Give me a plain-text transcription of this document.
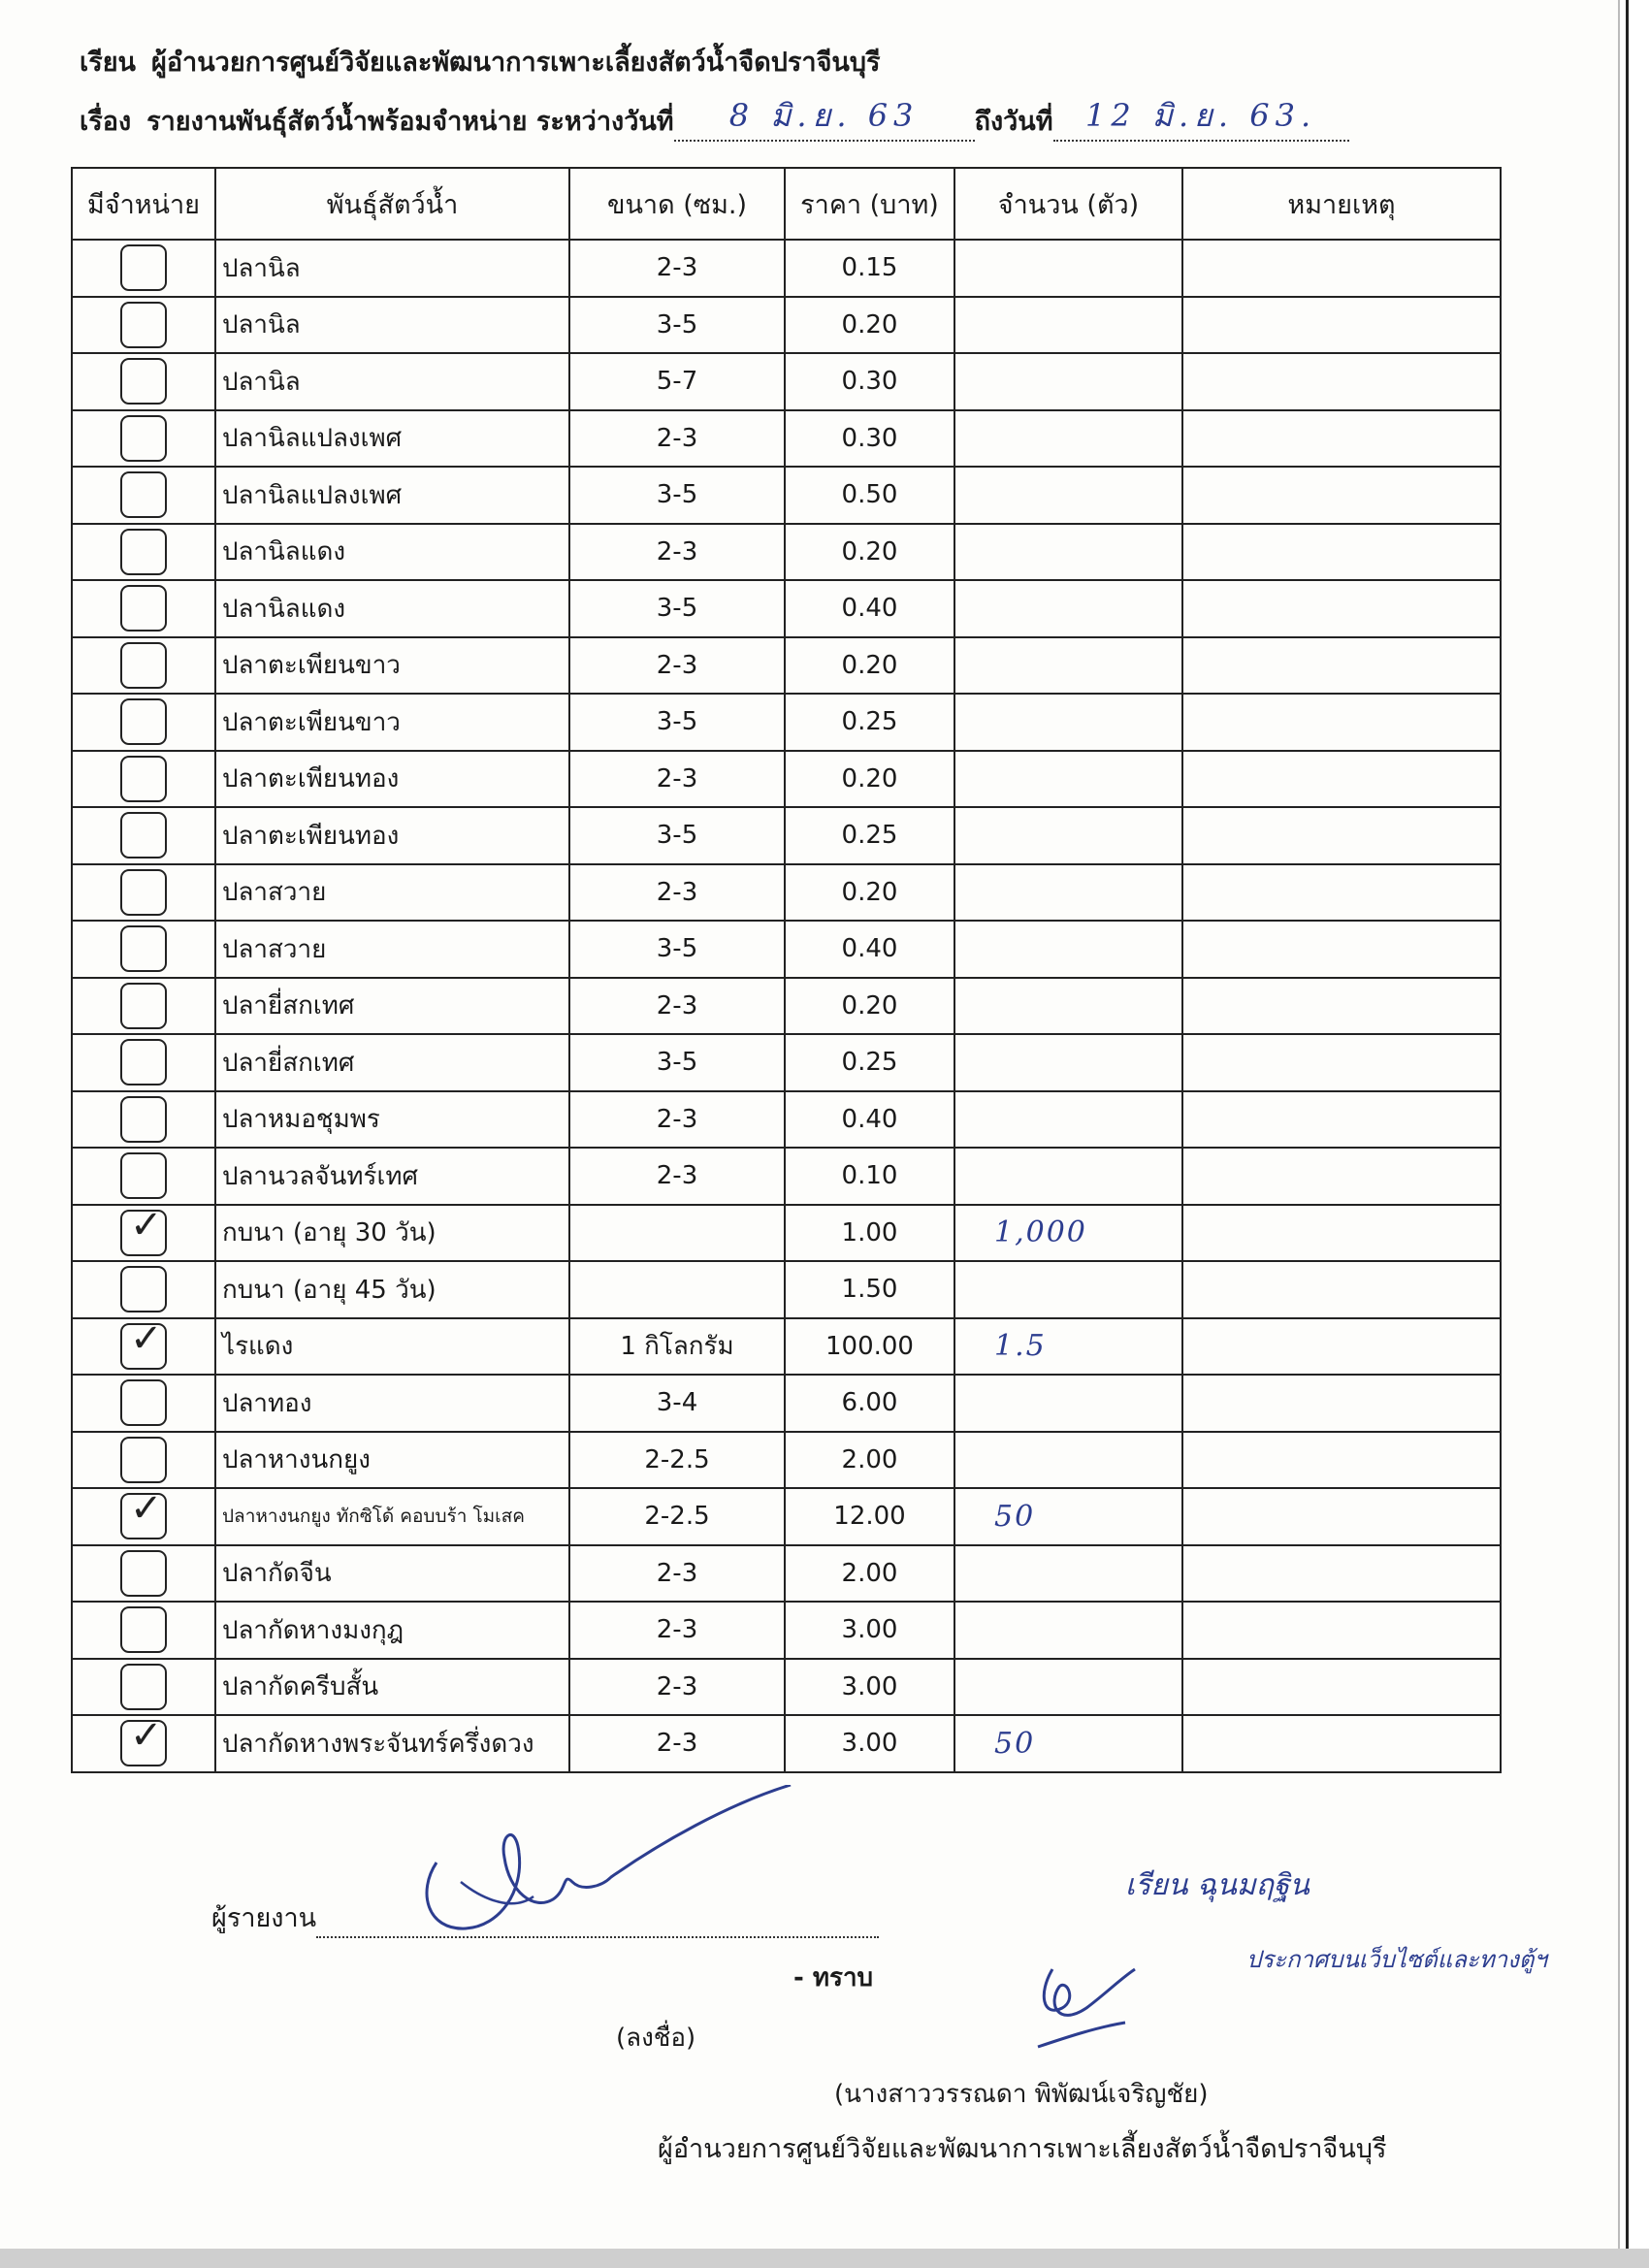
เรียน ผู้อำนวยการศูนย์วิจัยและพัฒนาการเพาะเลี้ยงสัตว์น้ำจืดปราจีนบุรี
เรื่อง รายงานพันธุ์สัตว์น้ำพร้อมจำหน่าย ระหว่างวันที่	8 มิ.ย. 63	ถึงวันที่	12 มิ.ย. 63.
มีจำหน่าย	พันธุ์สัตว์น้ำ	ขนาด (ซม.)	ราคา (บาท)	จำนวน (ตัว)	หมายเหตุ
	ปลานิล	2-3	0.15		
	ปลานิล	3-5	0.20		
	ปลานิล	5-7	0.30		
	ปลานิลแปลงเพศ	2-3	0.30		
	ปลานิลแปลงเพศ	3-5	0.50		
	ปลานิลแดง	2-3	0.20		
	ปลานิลแดง	3-5	0.40		
	ปลาตะเพียนขาว	2-3	0.20		
	ปลาตะเพียนขาว	3-5	0.25		
	ปลาตะเพียนทอง	2-3	0.20		
	ปลาตะเพียนทอง	3-5	0.25		
	ปลาสวาย	2-3	0.20		
	ปลาสวาย	3-5	0.40		
	ปลายี่สกเทศ	2-3	0.20		
	ปลายี่สกเทศ	3-5	0.25		
	ปลาหมอชุมพร	2-3	0.40		
	ปลานวลจันทร์เทศ	2-3	0.10		

✓	กบนา (อายุ 30 วัน)		1.00	1,000	
	กบนา (อายุ 45 วัน)		1.50		

✓	ไรแดง	1 กิโลกรัม	100.00	1.5	
	ปลาทอง	3-4	6.00		
	ปลาหางนกยูง	2-2.5	2.00		

✓	ปลาหางนกยูง ทักซิโด้ คอบบร้า โมเสค	2-2.5	12.00	50	
	ปลากัดจีน	2-3	2.00		
	ปลากัดหางมงกุฎ	2-3	3.00		
	ปลากัดครีบสั้น	2-3	3.00		

✓	ปลากัดหางพระจันทร์ครึ่งดวง	2-3	3.00	50	
ผู้รายงาน
- ทราบ
(ลงชื่อ)
(นางสาววรรณดา พิพัฒน์เจริญชัย)
ผู้อำนวยการศูนย์วิจัยและพัฒนาการเพาะเลี้ยงสัตว์น้ำจืดปราจีนบุรี
เรียน ฉุนมฤฐิน
ประกาศบนเว็บไซต์และทางตู้ฯ
